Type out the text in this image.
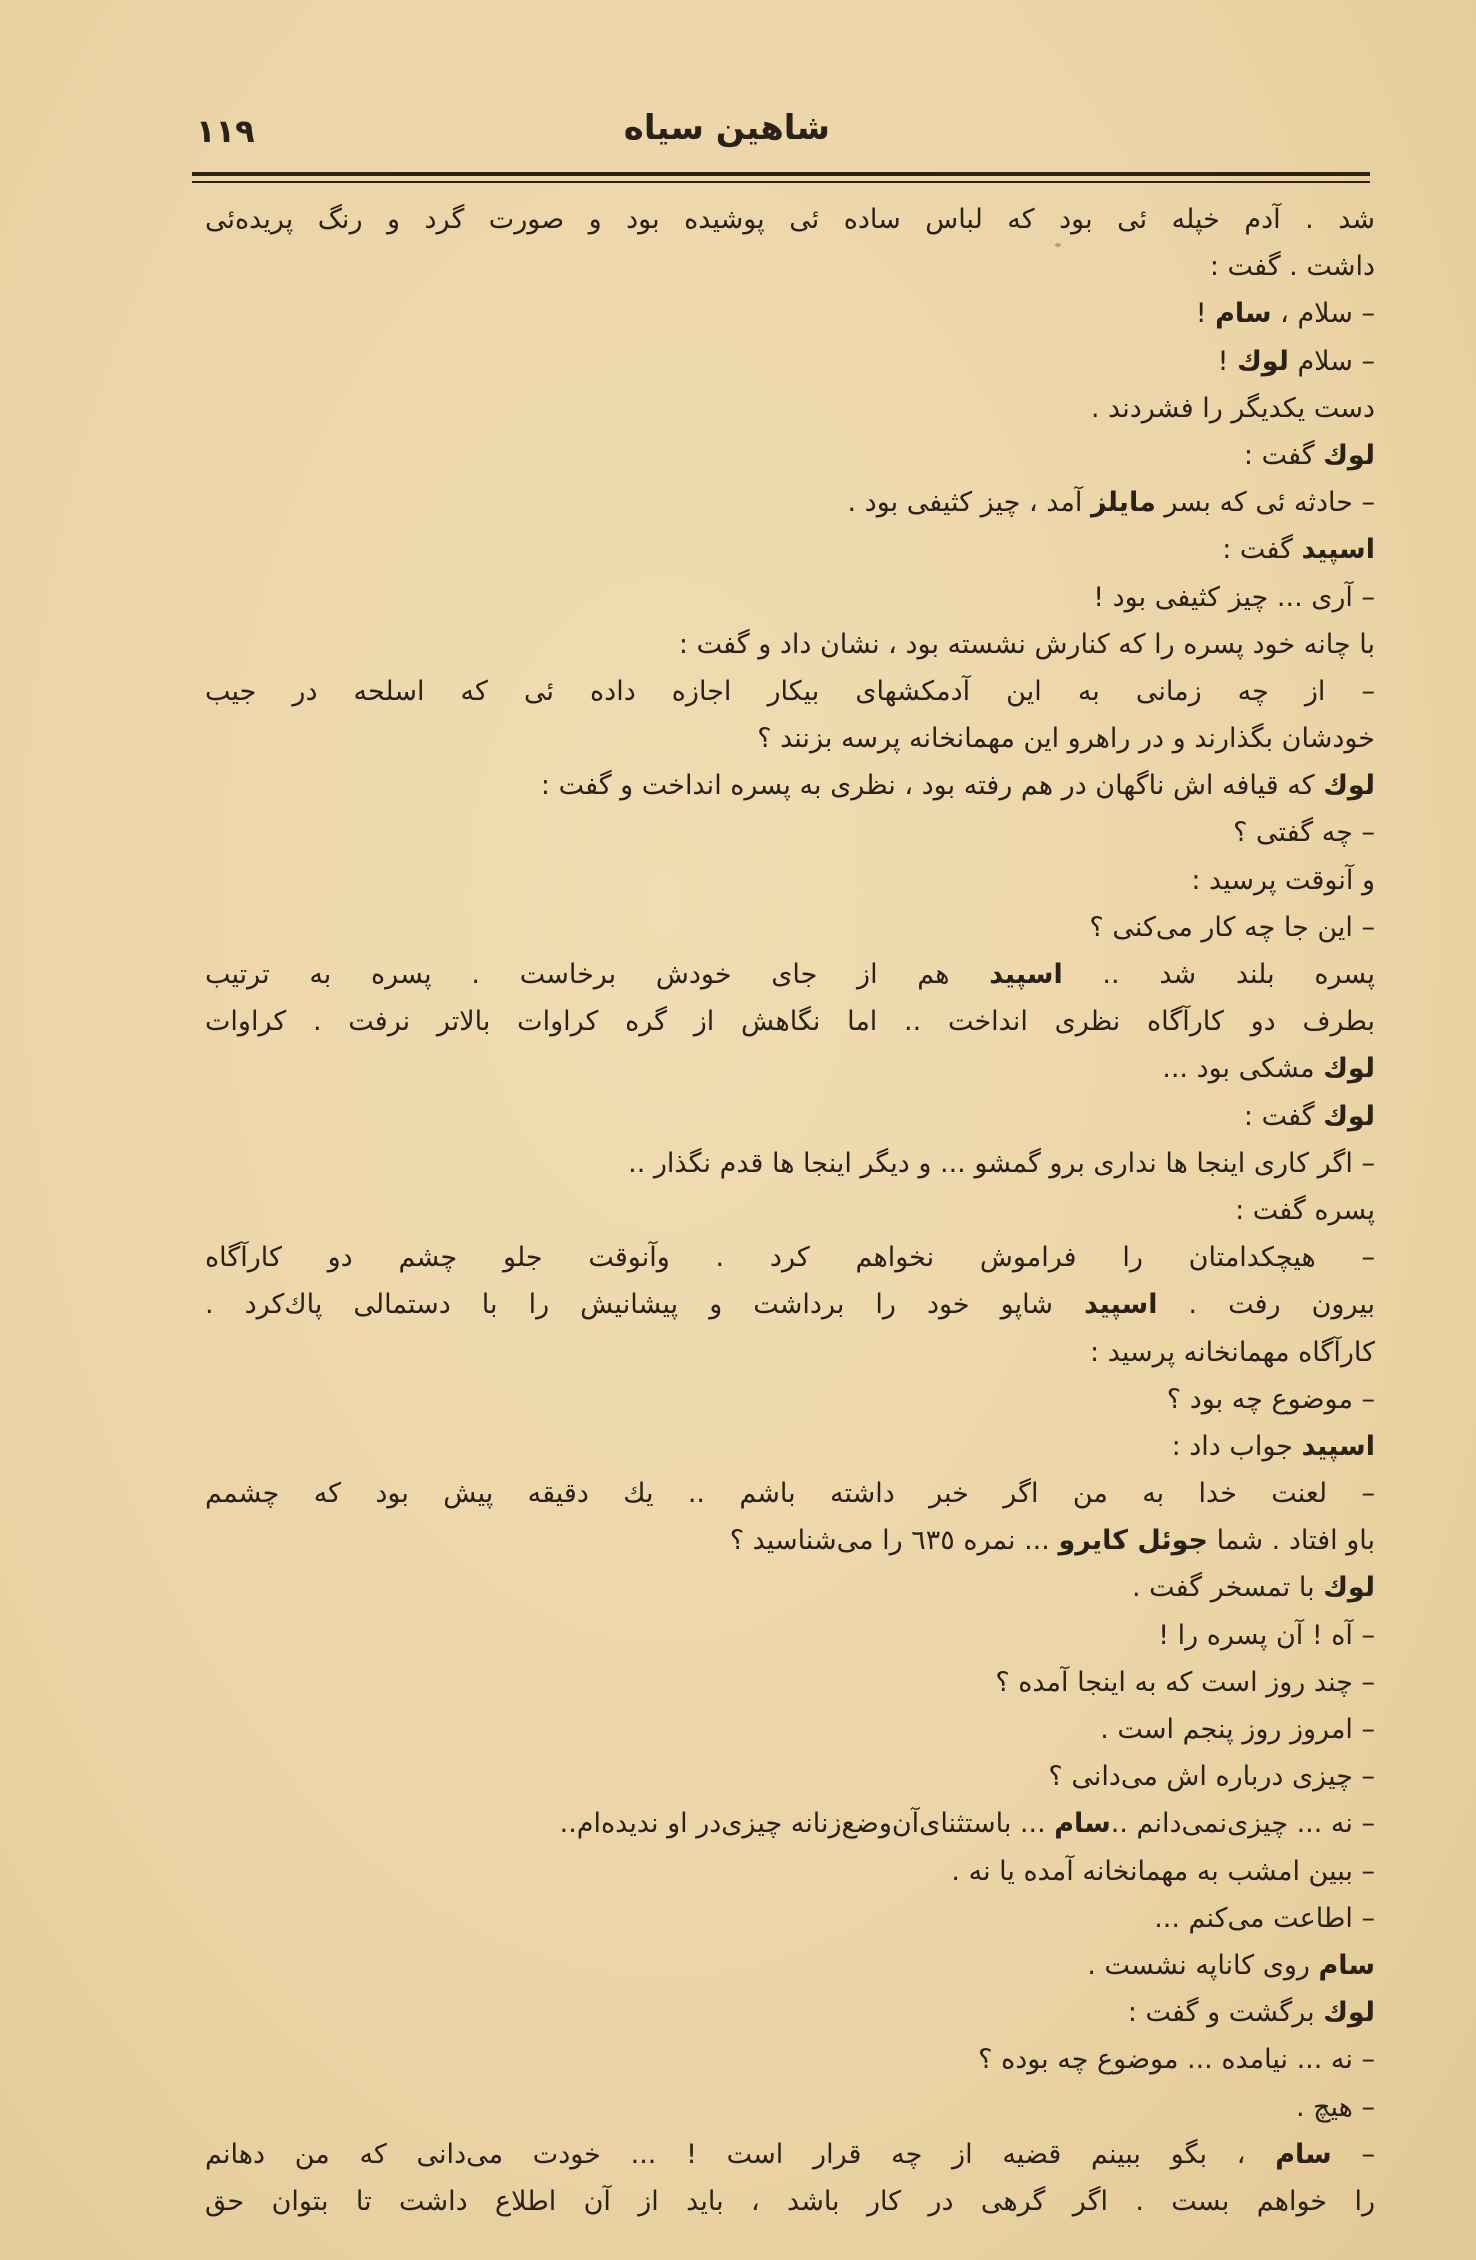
شاهین سیاه
۱۱۹
شد . آدم خپله ئی بود که لباس ساده ئی پوشیده بود و صورت گرد و رنگ پریده‌ئی
داشت . گفت :
– سلام ، سام !
– سلام لوك !
دست یکدیگر را فشردند .
لوك گفت :
– حادثه ئی که بسر مایلز آمد ، چیز کثیفی بود .
اسپید گفت :
– آری ... چیز کثیفی بود !
با چانه خود پسره را که کنارش نشسته بود ، نشان داد و گفت :
– از چه زمانی به این آدمکشهای بیکار اجازه داده ئی که اسلحه در جیب
خودشان بگذارند و در راهرو این مهمانخانه پرسه بزنند ؟
لوك که قیافه اش ناگهان در هم رفته بود ، نظری به پسره انداخت و گفت :
– چه گفتی ؟
و آنوقت پرسید :
– این جا چه کار می‌کنی ؟
پسره بلند شد .. اسپید هم از جای خودش برخاست . پسره به ترتیب
بطرف دو کارآگاه نظری انداخت .. اما نگاهش از گره کراوات بالاتر نرفت . کراوات
لوك مشکی بود ...
لوك گفت :
– اگر کاری اینجا ها نداری برو گمشو ... و دیگر اینجا ها قدم نگذار ..
پسره گفت :
– هیچکدامتان را فراموش نخواهم کرد . وآنوقت جلو چشم دو کارآگاه
بیرون رفت . اسپید شاپو خود را برداشت و پیشانیش را با دستمالی پاك‌کرد .
کارآگاه مهمانخانه پرسید :
– موضوع چه بود ؟
اسپید جواب داد :
– لعنت خدا به من اگر خبر داشته باشم .. یك دقیقه پیش بود که چشمم
باو افتاد . شما جوئل کایرو ... نمره ٦٣٥ را می‌شناسید ؟
لوك با تمسخر گفت .
– آه ! آن پسره را !
– چند روز است که به اینجا آمده ؟
– امروز روز پنجم است .
– چیزی درباره اش می‌دانی ؟
– نه ... چیزی‌نمی‌دانم ..سام ... باستثنای‌آن‌وضع‌زنانه چیزی‌در او ندیده‌ام..
– ببین امشب به مهمانخانه آمده یا نه .
– اطاعت می‌کنم ...
سام روی کاناپه نشست .
لوك برگشت و گفت :
– نه ... نیامده ... موضوع چه بوده ؟
– هیچ .
– سام ، بگو ببینم قضیه از چه قرار است ! ... خودت می‌دانی که من دهانم
را خواهم بست . اگر گرهی در کار باشد ، باید از آن اطلاع داشت تا بتوان حق
